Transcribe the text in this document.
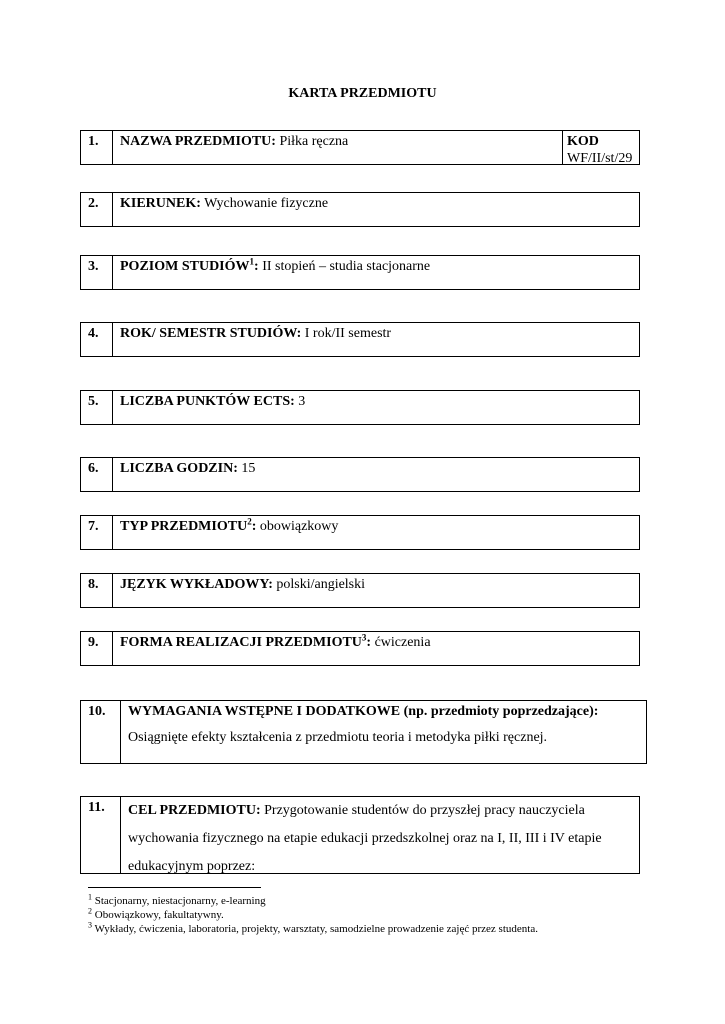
KARTA PRZEDMIOTU
1.	NAZWA PRZEDMIOTU: Piłka ręczna	KOD
WF/II/st/29
2.	KIERUNEK: Wychowanie fizyczne
3.	POZIOM STUDIÓW$^1$: II stopień – studia stacjonarne
4.	ROK/ SEMESTR STUDIÓW: I rok/II semestr
5.	LICZBA PUNKTÓW ECTS: 3
6.	LICZBA GODZIN: 15
7.	TYP PRZEDMIOTU$^2$: obowiązkowy
8.	JĘZYK WYKŁADOWY: polski/angielski
9.	FORMA REALIZACJI PRZEDMIOTU$^3$: ćwiczenia
10.	WYMAGANIA WSTĘPNE I DODATKOWE (np. przedmioty poprzedzające):
Osiągnięte efekty kształcenia z przedmiotu teoria i metodyka piłki ręcznej.
11.	CEL PRZEDMIOTU: Przygotowanie studentów do przyszłej pracy nauczyciela wychowania fizycznego na etapie edukacji przedszkolnej oraz na I, II, III i IV etapie edukacyjnym poprzez:
$^1$ Stacjonarny, niestacjonarny, e-learning
$^2$ Obowiązkowy, fakultatywny.
$^3$ Wykłady, ćwiczenia, laboratoria, projekty, warsztaty, samodzielne prowadzenie zajęć przez studenta.
